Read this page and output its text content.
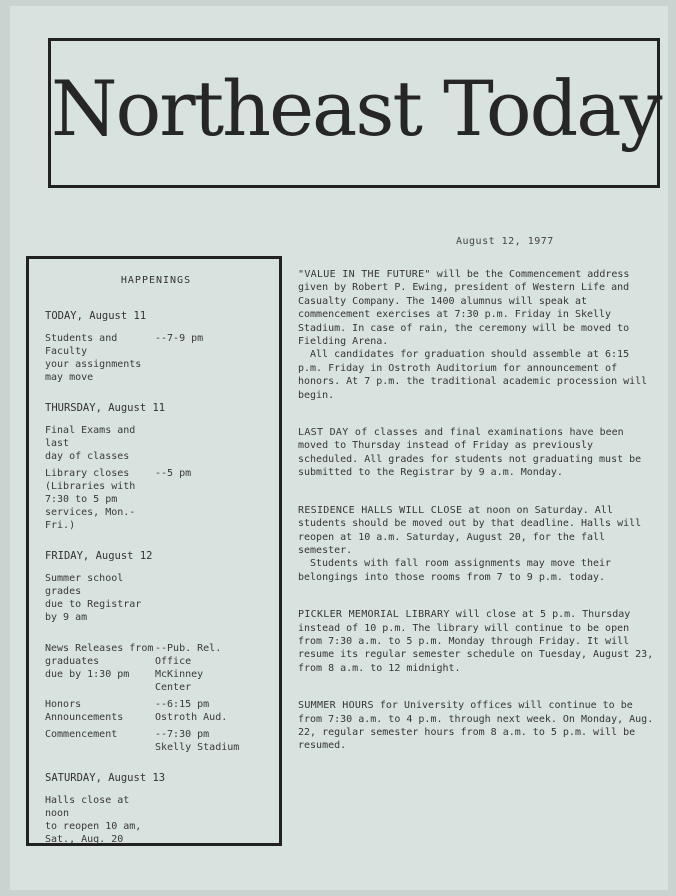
Northeast Today
August 12, 1977
HAPPENINGS
TODAY, August 11
Students and Faculty
your assignments
may move
--7-9 pm
THURSDAY, August 11
Final Exams and last
day of classes
Library closes
(Libraries with
7:30 to 5 pm
services, Mon.-Fri.)
--5 pm
FRIDAY, August 12
Summer school grades
due to Registrar
by 9 am
News Releases from graduates
due by 1:30 pm
--Pub. Rel.
Office
McKinney
Center
Honors
Announcements
--6:15 pm
Ostroth Aud.
Commencement	--7:30 pm
Skelly Stadium
SATURDAY, August 13
Halls close at noon
to reopen 10 am, Sat., Aug. 20
"VALUE IN THE FUTURE" will be the Commencement address given by Robert P. Ewing, president of Western Life and Casualty Company. The 1400 alumnus will speak at commencement exercises at 7:30 p.m. Friday in Skelly Stadium. In case of rain, the ceremony will be moved to Fielding Arena.
All candidates for graduation should assemble at 6:15 p.m. Friday in Ostroth Auditorium for announcement of honors. At 7 p.m. the traditional academic procession will begin.
LAST DAY of classes and final examinations have been moved to Thursday instead of Friday as previously scheduled. All grades for students not graduating must be submitted to the Registrar by 9 a.m. Monday.
RESIDENCE HALLS WILL CLOSE at noon on Saturday. All students should be moved out by that deadline. Halls will reopen at 10 a.m. Saturday, August 20, for the fall semester.
Students with fall room assignments may move their belongings into those rooms from 7 to 9 p.m. today.
PICKLER MEMORIAL LIBRARY will close at 5 p.m. Thursday instead of 10 p.m. The library will continue to be open from 7:30 a.m. to 5 p.m. Monday through Friday. It will resume its regular semester schedule on Tuesday, August 23, from 8 a.m. to 12 midnight.
SUMMER HOURS for University offices will continue to be from 7:30 a.m. to 4 p.m. through next week. On Monday, Aug. 22, regular semester hours from 8 a.m. to 5 p.m. will be resumed.
